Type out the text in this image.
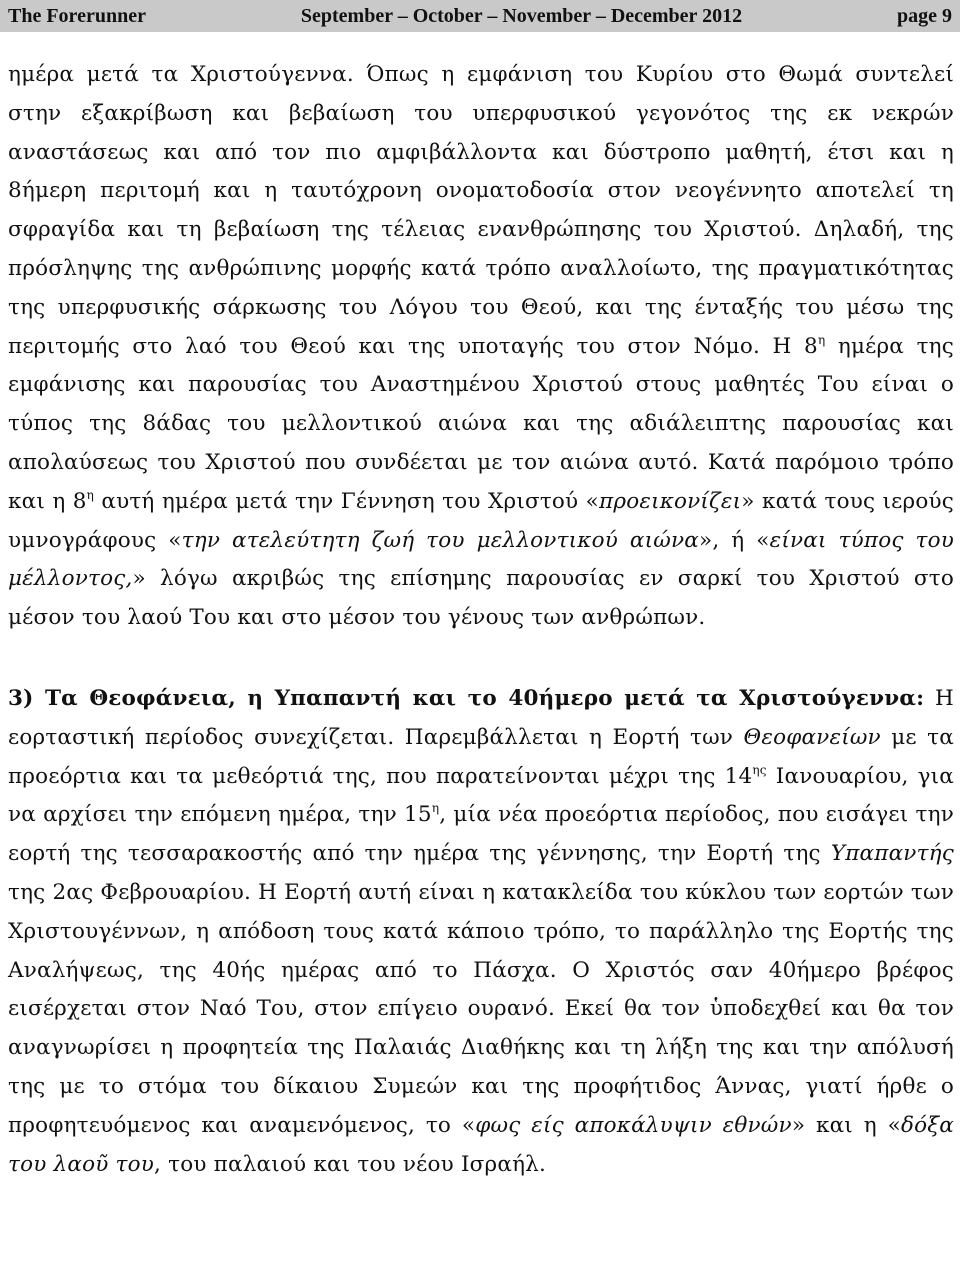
The Forerunner	September – October – November – December 2012	page 9

ημέρα μετά τα Χριστούγεννα. Όπως η εμφάνιση του Κυρίου στο Θωμά συντελεί στην εξακρίβωση και βεβαίωση του υπερφυσικού γεγονότος της εκ νεκρών αναστάσεως και από τον πιο αμφιβάλλοντα και δύστροπο μαθητή, έτσι και η 8ήμερη περιτομή και η ταυτόχρονη ονοματοδοσία στον νεογέννητο αποτελεί τη σφραγίδα και τη βεβαίωση της τέλειας ενανθρώπησης του Χριστού. Δηλαδή, της πρόσληψης της ανθρώπινης μορφής κατά τρόπο αναλλοίωτο, της πραγματικότητας της υπερφυσικής σάρκωσης του Λόγου του Θεού, και της ένταξής του μέσω της περιτομής στο λαό του Θεού και της υποταγής του στον Νόμο. Η $8^\eta$ ημέρα της εμφάνισης και παρουσίας του Αναστημένου Χριστού στους μαθητές Του είναι ο τύπος της 8άδας του μελλοντικού αιώνα και της αδιάλειπτης παρουσίας και απολαύσεως του Χριστού που συνδέεται με τον αιώνα αυτό. Κατά παρόμοιο τρόπο και η $8^\eta$ αυτή ημέρα μετά την Γέννηση του Χριστού «προεικονίζει» κατά τους ιερούς υμνογράφους «την ατελεύτητη ζωή του μελλοντικού αιώνα», ή «είναι τύπος του μέλλοντος,» λόγω ακριβώς της επίσημης παρουσίας εν σαρκί του Χριστού στο μέσον του λαού Του και στο μέσον του γένους των ανθρώπων.

3) Τα Θεοφάνεια, η Υπαπαντή και το 40ήμερο μετά τα Χριστούγεννα: Η εορταστική περίοδος συνεχίζεται. Παρεμβάλλεται η Εορτή των Θεοφανείων με τα προεόρτια και τα μεθεόρτιά της, που παρατείνονται μέχρι της $14^{\eta\varsigma}$ Ιανουαρίου, για να αρχίσει την επόμενη ημέρα, την $15^\eta$, μία νέα προεόρτια περίοδος, που εισάγει την εορτή της τεσσαρακοστής από την ημέρα της γέννησης, την Εορτή της Υπαπαντής της 2ας Φεβρουαρίου. Η Εορτή αυτή είναι η κατακλείδα του κύκλου των εορτών των Χριστουγέννων, η απόδοση τους κατά κάποιο τρόπο, το παράλληλο της Εορτής της Αναλήψεως, της 40ής ημέρας από το Πάσχα. Ο Χριστός σαν 40ήμερο βρέφος εισέρχεται στον Ναό Του, στον επίγειο ουρανό. Εκεί θα τον ὑποδεχθεί και θα τον αναγνωρίσει η προφητεία της Παλαιάς Διαθήκης και τη λήξη της και την απόλυσή της με το στόμα του δίκαιου Συμεών και της προφήτιδος Άννας, γιατί ήρθε ο προφητευόμενος και αναμενόμενος, το «φως είς αποκάλυψιν εθνών» και η «δόξα του λαοῦ του, του παλαιού και του νέου Ισραήλ.
